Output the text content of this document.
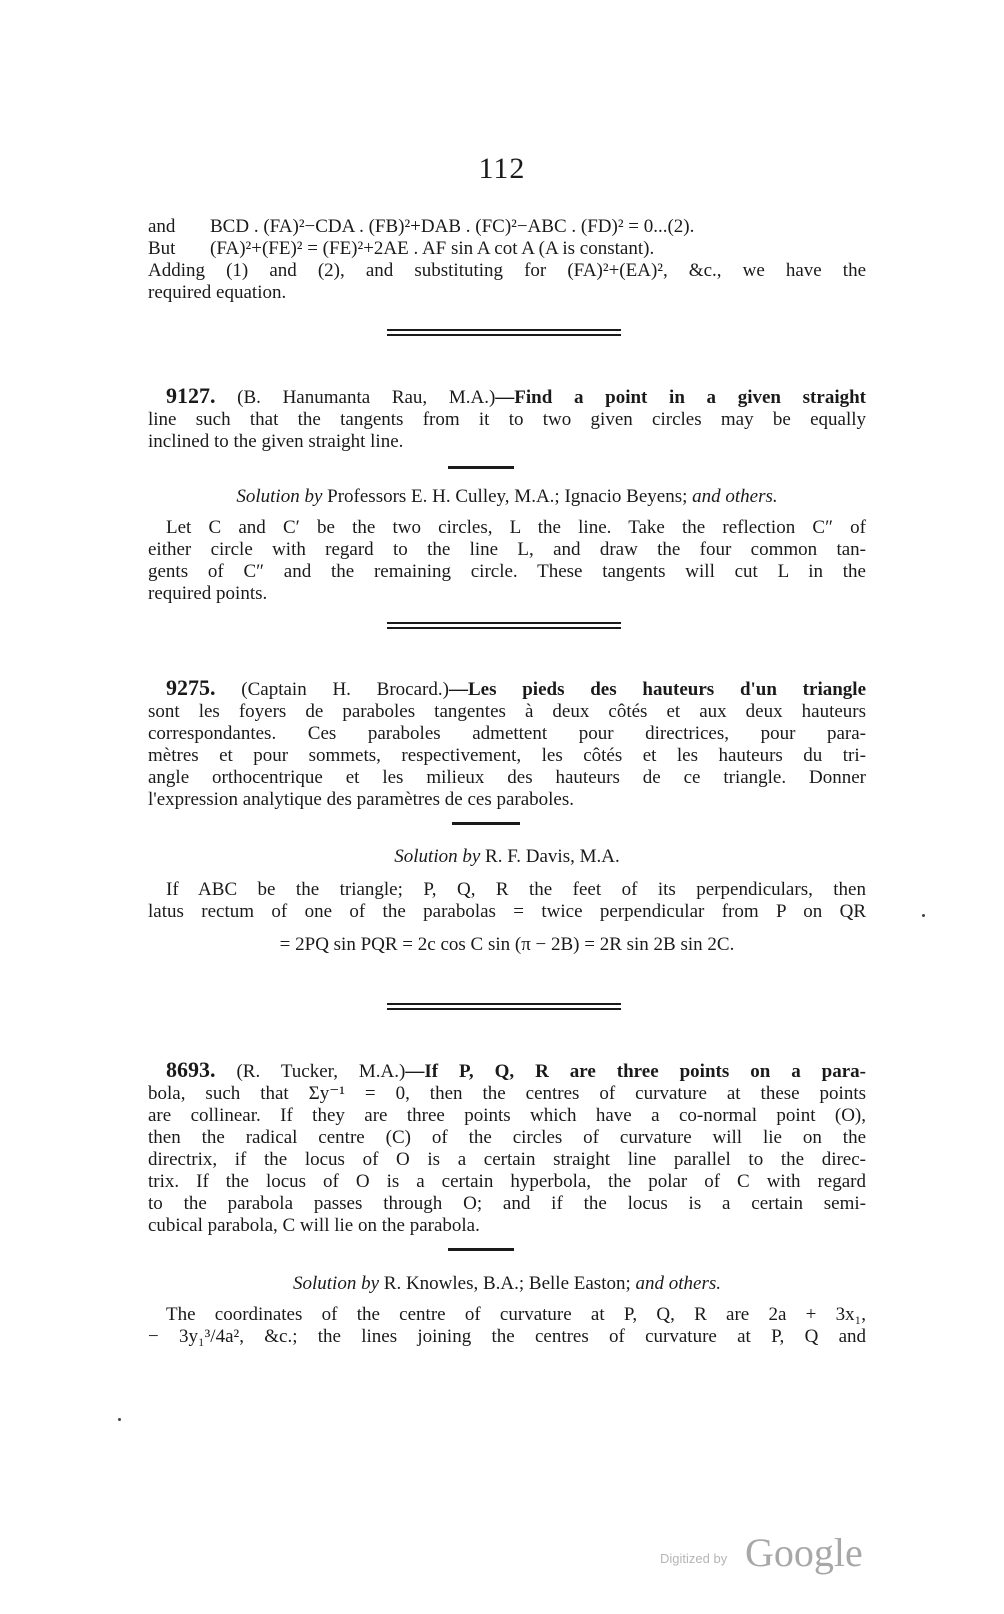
112
and	BCD . (FA)²−CDA . (FB)²+DAB . (FC)²−ABC . (FD)² = 0...(2).
But	(FA)²+(FE)² = (FE)²+2AE . AF sin A cot A (A is constant).

Adding (1) and (2), and substituting for (FA)²+(EA)², &c., we have the
required equation.

9127. (B. Hanumanta Rau, M.A.)—Find a point in a given straight
line such that the tangents from it to two given circles may be equally
inclined to the given straight line.

Solution by Professors E. H. Culley, M.A.; Ignacio Beyens; and others.

Let C and C′ be the two circles, L the line. Take the reflection C″ of
either circle with regard to the line L, and draw the four common tan-
gents of C″ and the remaining circle. These tangents will cut L in the
required points.

9275. (Captain H. Brocard.)—Les pieds des hauteurs d'un triangle
sont les foyers de paraboles tangentes à deux côtés et aux deux hauteurs
correspondantes. Ces paraboles admettent pour directrices, pour para-
mètres et pour sommets, respectivement, les côtés et les hauteurs du tri-
angle orthocentrique et les milieux des hauteurs de ce triangle. Donner
l'expression analytique des paramètres de ces paraboles.

Solution by R. F. Davis, M.A.

If ABC be the triangle; P, Q, R the feet of its perpendiculars, then
latus rectum of one of the parabolas = twice perpendicular from P on QR

= 2PQ sin PQR = 2c cos C sin (π − 2B) = 2R sin 2B sin 2C.

8693. (R. Tucker, M.A.)—If P, Q, R are three points on a para-
bola, such that Σy⁻¹ = 0, then the centres of curvature at these points
are collinear. If they are three points which have a co-normal point (O),
then the radical centre (C) of the circles of curvature will lie on the
directrix, if the locus of O is a certain straight line parallel to the direc-
trix. If the locus of O is a certain hyperbola, the polar of C with regard
to the parabola passes through O; and if the locus is a certain semi-
cubical parabola, C will lie on the parabola.

Solution by R. Knowles, B.A.; Belle Easton; and others.

The coordinates of the centre of curvature at P, Q, R are 2a + 3x₁,
− 3y₁³/4a², &c.; the lines joining the centres of curvature at P, Q and

Digitized by Google
